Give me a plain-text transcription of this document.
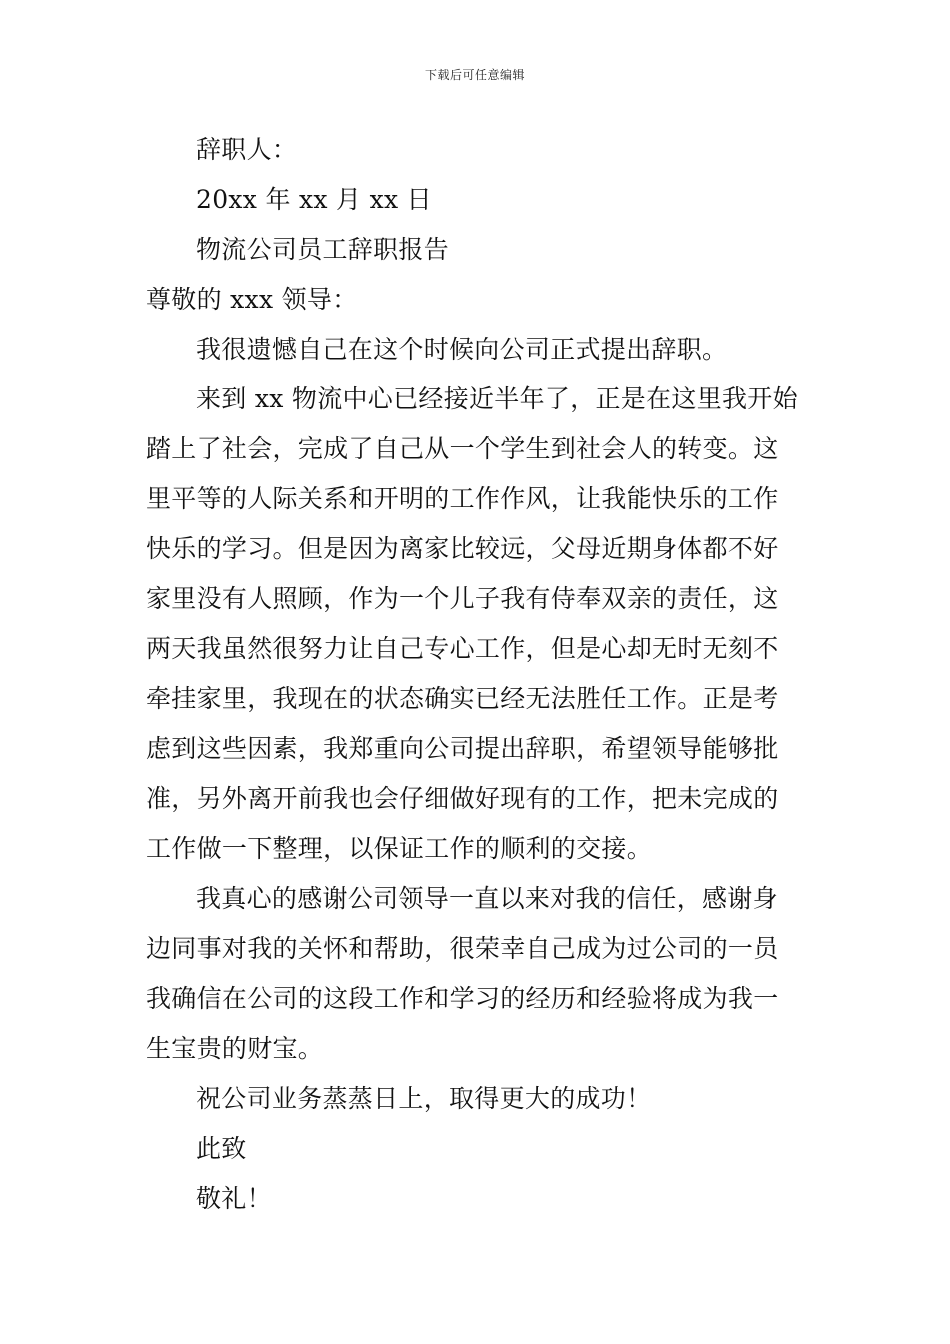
下载后可任意编辑
辞职人：
20xx 年 xx 月 xx 日
物流公司员工辞职报告
尊敬的 xxx 领导：
我很遗憾自己在这个时候向公司正式提出辞职。
来到 xx 物流中心已经接近半年了，正是在这里我开始
踏上了社会，完成了自己从一个学生到社会人的转变。这
里平等的人际关系和开明的工作作风，让我能快乐的工作
快乐的学习。但是因为离家比较远，父母近期身体都不好
家里没有人照顾，作为一个儿子我有侍奉双亲的责任，这
两天我虽然很努力让自己专心工作，但是心却无时无刻不
牵挂家里，我现在的状态确实已经无法胜任工作。正是考
虑到这些因素，我郑重向公司提出辞职，希望领导能够批
准，另外离开前我也会仔细做好现有的工作，把未完成的
工作做一下整理，以保证工作的顺利的交接。
我真心的感谢公司领导一直以来对我的信任，感谢身
边同事对我的关怀和帮助，很荣幸自己成为过公司的一员
我确信在公司的这段工作和学习的经历和经验将成为我一
生宝贵的财宝。
祝公司业务蒸蒸日上，取得更大的成功！
此致
敬礼！
